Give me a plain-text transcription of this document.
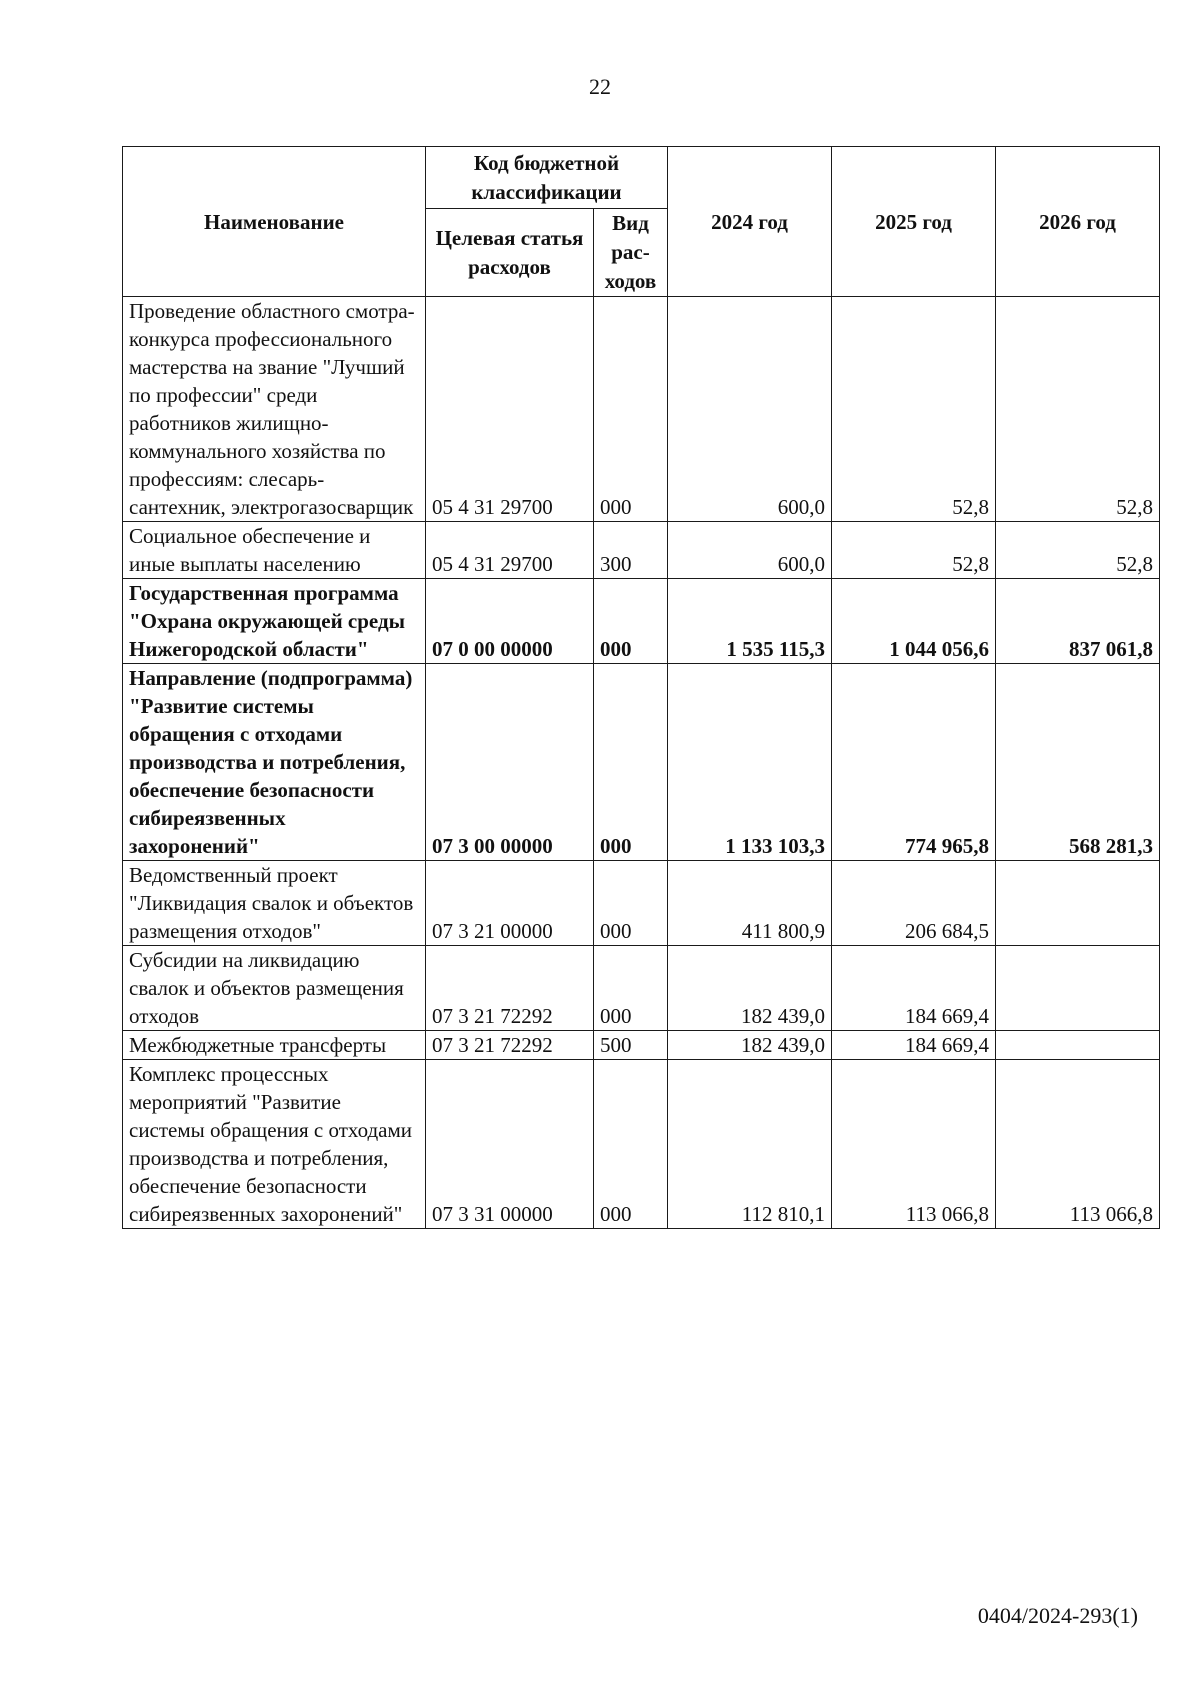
22
Наименование	Код бюджетной классификации		2024 год	2025 год	2026 год
	Целевая статья расходов	Вид рас-ходов			
Проведение областного смотра-конкурса профессионального мастерства на звание "Лучший по профессии" среди работников жилищно-коммунального хозяйства по профессиям: слесарь-сантехник, электрогазосварщик	05 4 31 29700	000	600,0	52,8	52,8
Социальное обеспечение и иные выплаты населению	05 4 31 29700	300	600,0	52,8	52,8
Государственная программа "Охрана окружающей среды Нижегородской области"	07 0 00 00000	000	1 535 115,3	1 044 056,6	837 061,8
Направление (подпрограмма) "Развитие системы обращения с отходами производства и потребления, обеспечение безопасности сибиреязвенных захоронений"	07 3 00 00000	000	1 133 103,3	774 965,8	568 281,3
Ведомственный проект "Ликвидация свалок и объектов размещения отходов"	07 3 21 00000	000	411 800,9	206 684,5	
Субсидии на ликвидацию свалок и объектов размещения отходов	07 3 21 72292	000	182 439,0	184 669,4	
Межбюджетные трансферты	07 3 21 72292	500	182 439,0	184 669,4	
Комплекс процессных мероприятий "Развитие системы обращения с отходами производства и потребления, обеспечение безопасности сибиреязвенных захоронений"	07 3 31 00000	000	112 810,1	113 066,8	113 066,8
0404/2024-293(1)
